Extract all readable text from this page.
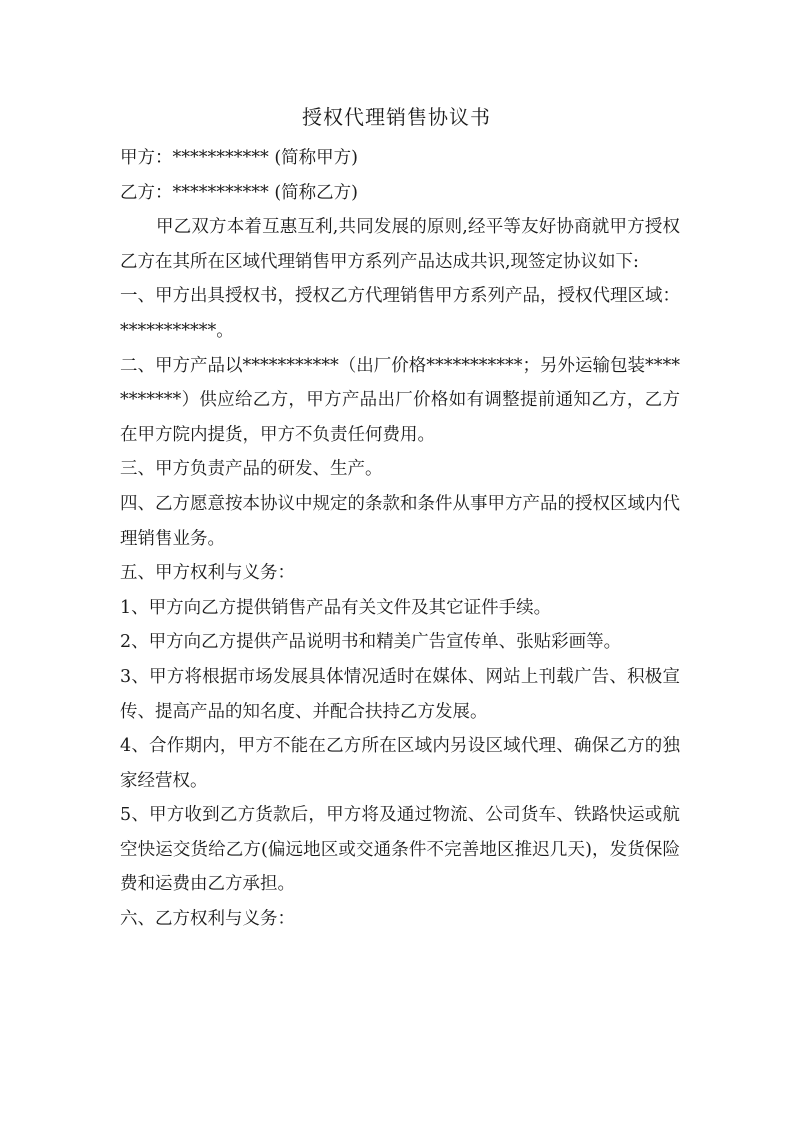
授权代理销售协议书

甲方：*********** (简称甲方)

乙方：*********** (简称乙方)

甲乙双方本着互惠互利,共同发展的原则,经平等友好协商就甲方授权乙方在其所在区域代理销售甲方系列产品达成共识,现签定协议如下:

一、甲方出具授权书，授权乙方代理销售甲方系列产品，授权代理区域：***********。

二、甲方产品以***********（出厂价格***********；另外运输包装***********）供应给乙方，甲方产品出厂价格如有调整提前通知乙方，乙方在甲方院内提货，甲方不负责任何费用。

三、甲方负责产品的研发、生产。

四、乙方愿意按本协议中规定的条款和条件从事甲方产品的授权区域内代理销售业务。

五、甲方权利与义务：

1、甲方向乙方提供销售产品有关文件及其它证件手续。

2、甲方向乙方提供产品说明书和精美广告宣传单、张贴彩画等。

3、甲方将根据市场发展具体情况适时在媒体、网站上刊载广告、积极宣传、提高产品的知名度、并配合扶持乙方发展。

4、合作期内，甲方不能在乙方所在区域内另设区域代理、确保乙方的独家经营权。

5、甲方收到乙方货款后，甲方将及通过物流、公司货车、铁路快运或航空快运交货给乙方(偏远地区或交通条件不完善地区推迟几天)，发货保险费和运费由乙方承担。

六、乙方权利与义务：
